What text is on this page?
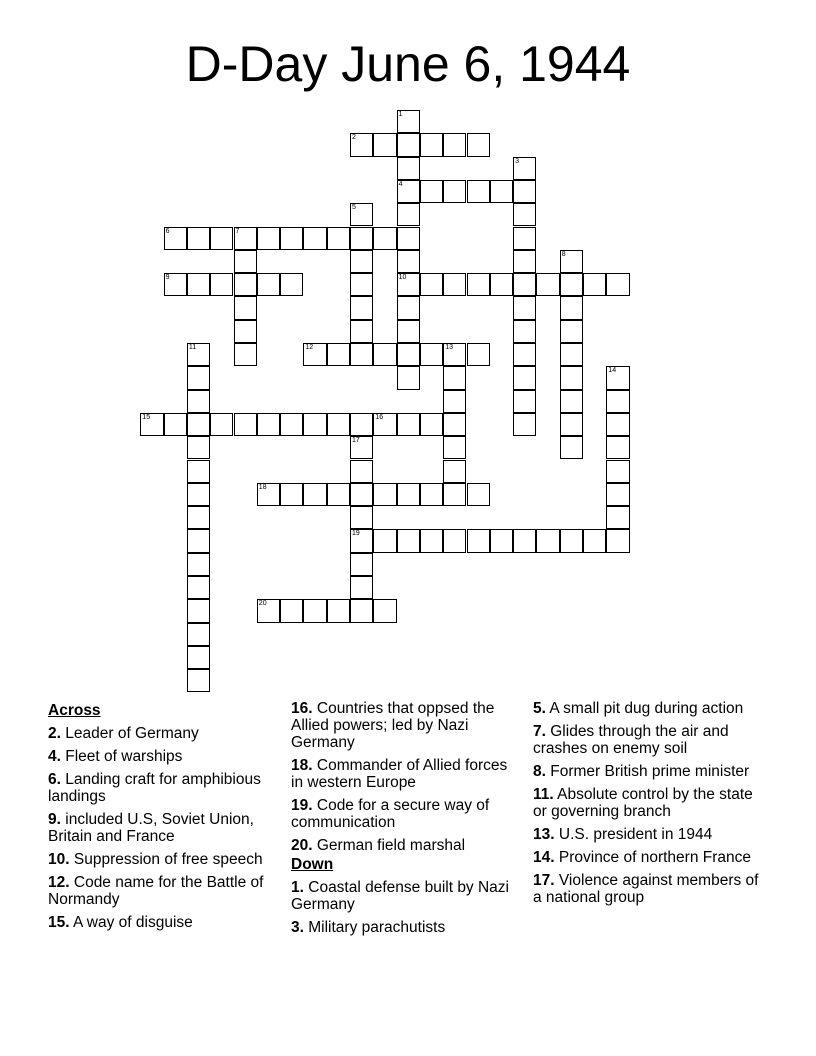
D-Day June 6, 1944
1
4
10
2
3
5
6	7
8
9
11	12	13
14
15	16
17
19
18
20
Across
2. Leader of Germany
4. Fleet of warships
6. Landing craft for amphibious landings
9. included U.S, Soviet Union, Britain and France
10. Suppression of free speech
12. Code name for the Battle of Normandy
15. A way of disguise
16. Countries that oppsed the Allied powers; led by Nazi Germany
18. Commander of Allied forces in western Europe
19. Code for a secure way of communication
20. German field marshal
Down
1. Coastal defense built by Nazi Germany
3. Military parachutists
5. A small pit dug during action
7. Glides through the air and crashes on enemy soil
8. Former British prime minister
11. Absolute control by the state or governing branch
13. U.S. president in 1944
14. Province of northern France
17. Violence against members of a national group
